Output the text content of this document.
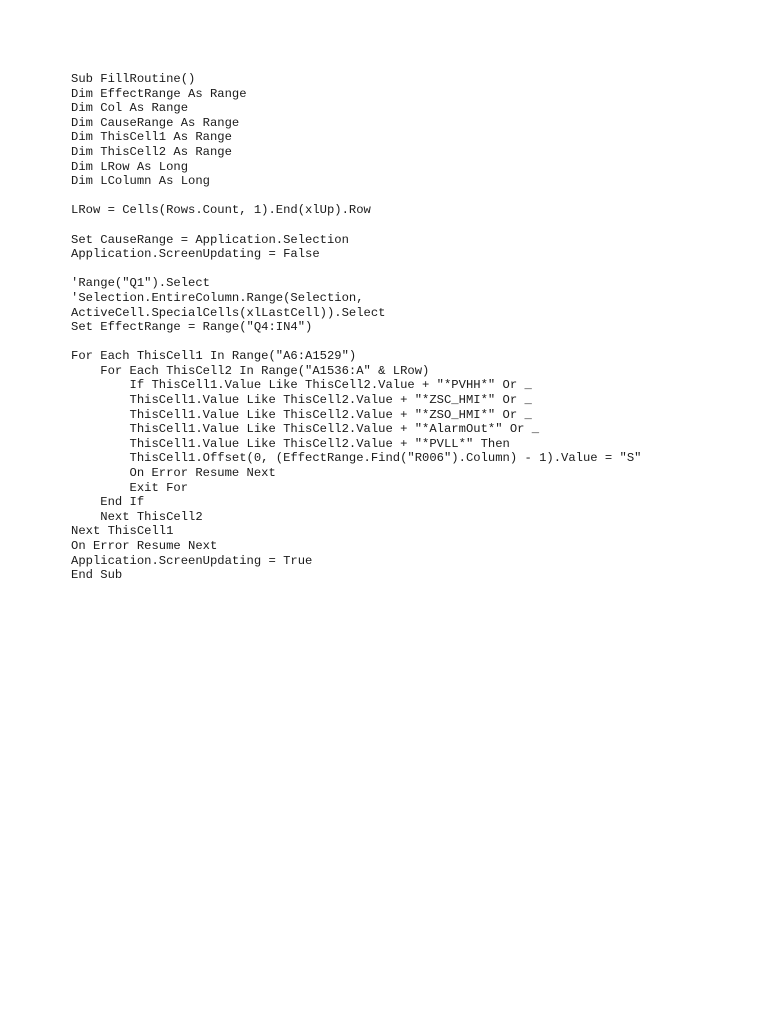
Sub FillRoutine()
Dim EffectRange As Range
Dim Col As Range
Dim CauseRange As Range
Dim ThisCell1 As Range
Dim ThisCell2 As Range
Dim LRow As Long
Dim LColumn As Long
LRow = Cells(Rows.Count, 1).End(xlUp).Row
Set CauseRange = Application.Selection
Application.ScreenUpdating = False
'Range("Q1").Select
'Selection.EntireColumn.Range(Selection,
ActiveCell.SpecialCells(xlLastCell)).Select
Set EffectRange = Range("Q4:IN4")
For Each ThisCell1 In Range("A6:A1529")
For Each ThisCell2 In Range("A1536:A" & LRow)
If ThisCell1.Value Like ThisCell2.Value + "*PVHH*" Or _
ThisCell1.Value Like ThisCell2.Value + "*ZSC_HMI*" Or _
ThisCell1.Value Like ThisCell2.Value + "*ZSO_HMI*" Or _
ThisCell1.Value Like ThisCell2.Value + "*AlarmOut*" Or _
ThisCell1.Value Like ThisCell2.Value + "*PVLL*" Then
ThisCell1.Offset(0, (EffectRange.Find("R006").Column) - 1).Value = "S"
On Error Resume Next
Exit For
End If
Next ThisCell2
Next ThisCell1
On Error Resume Next
Application.ScreenUpdating = True
End Sub
